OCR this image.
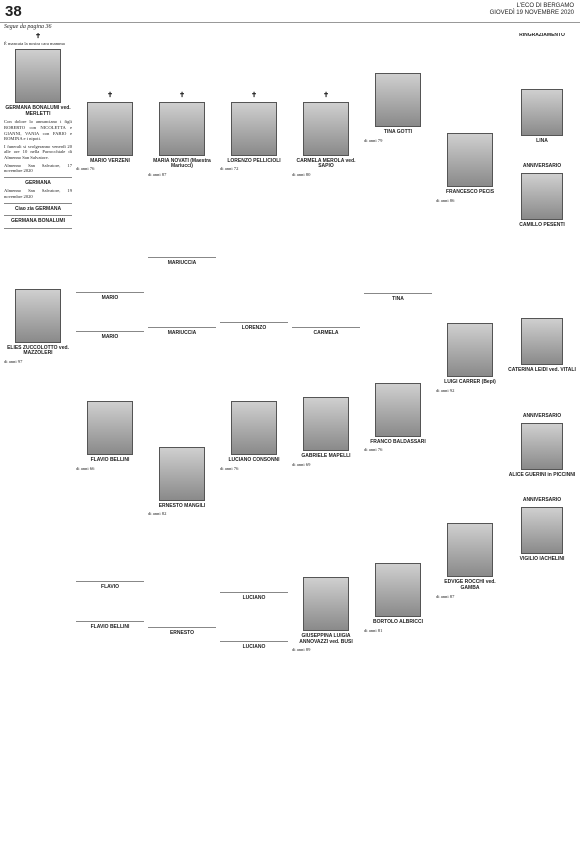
38	L'ECO DI BERGAMO
GIOVEDÌ 19 NOVEMBRE 2020
Segue da pagina 36
✝

È mancata la nostra cara mamma

GERMANA BONALUMI ved. MERLETTI

Con dolore lo annunciano i figli ROBERTO con NICOLETTA e GIANNI, VANIA con FABIO e ROMINA e i nipoti.

I funerali si svolgeranno venerdì 20 alle ore 10 nella Parrocchiale di Almenno San Salvatore.

Almenno San Salvatore, 17 novembre 2020

GERMANA

Almenno San Salvatore, 19 novembre 2020

Ciao zia GERMANA
GERMANA BONALUMI
ELIES ZUCCOLOTTO ved. MAZZOLERI

di anni 97

✝
MARIO VERZENI

di anni 76

MARIO
MARIO
FLAVIO BELLINI

di anni 66

FLAVIO
FLAVIO BELLINI
✝
MARIA NOVATI (Maestra Mariucci)

di anni 87

MARIUCCIA
MARIUCCIA
ERNESTO MANGILI

di anni 82

ERNESTO
✝
LORENZO PELLICIOLI

di anni 72

LORENZO
LUCIANO CONSONNI

di anni 76

LUCIANO
LUCIANO
✝
CARMELA MEROLA ved. SAPIO

di anni 80

CARMELA
GABRIELE MAPELLI

di anni 69

GIUSEPPINA LUIGIA ANNOVAZZI ved. BUSI

di anni 89

TINA GOTTI

di anni 79

TINA
FRANCO BALDASSARI

di anni 76

BORTOLO ALBRICCI

di anni 81

FRANCESCO PECIS

di anni 86

LUIGI CARRER (Bepi)

di anni 92

EDVIGE ROCCHI ved. GAMBA

di anni 87

RINGRAZIAMENTO
LINA
ANNIVERSARIO
CAMILLO PESENTI
CATERINA LEIDI ved. VITALI
ANNIVERSARIO
ALICE GUERINI in PICCINNI
ANNIVERSARIO
VIGILIO IACHELINI
